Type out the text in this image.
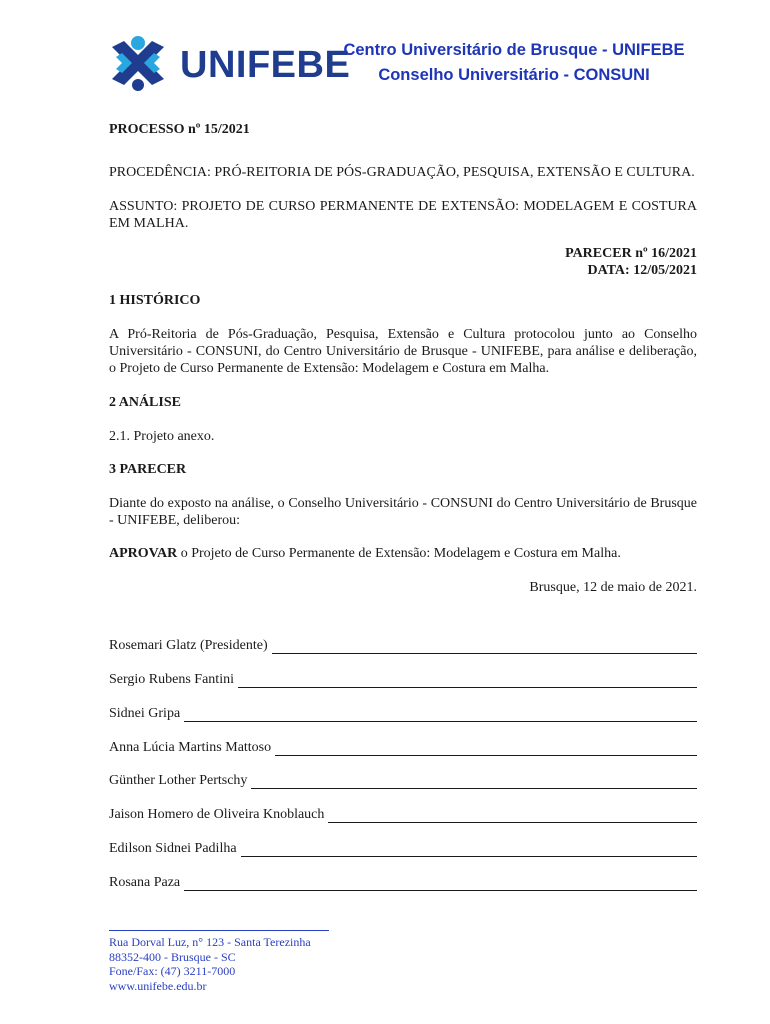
UNIFEBE
Centro Universitário de Brusque - UNIFEBE
Conselho Universitário - CONSUNI
PROCESSO nº 15/2021
PROCEDÊNCIA: PRÓ-REITORIA DE PÓS-GRADUAÇÃO, PESQUISA, EXTENSÃO E CULTURA.
ASSUNTO: PROJETO DE CURSO PERMANENTE DE EXTENSÃO: MODELAGEM E COSTURA EM MALHA.
PARECER nº 16/2021
DATA: 12/05/2021
1 HISTÓRICO
A Pró-Reitoria de Pós-Graduação, Pesquisa, Extensão e Cultura protocolou junto ao Conselho Universitário - CONSUNI, do Centro Universitário de Brusque - UNIFEBE, para análise e deliberação, o Projeto de Curso Permanente de Extensão: Modelagem e Costura em Malha.
2 ANÁLISE
2.1. Projeto anexo.
3 PARECER
Diante do exposto na análise, o Conselho Universitário - CONSUNI do Centro Universitário de Brusque - UNIFEBE, deliberou:
APROVAR o Projeto de Curso Permanente de Extensão: Modelagem e Costura em Malha.
Brusque, 12 de maio de 2021.
Rosemari Glatz (Presidente)
Sergio Rubens Fantini
Sidnei Gripa
Anna Lúcia Martins Mattoso
Günther Lother Pertschy
Jaison Homero de Oliveira Knoblauch
Edilson Sidnei Padilha
Rosana Paza
Rua Dorval Luz, n° 123 - Santa Terezinha
88352-400 - Brusque - SC
Fone/Fax: (47) 3211-7000
www.unifebe.edu.br
